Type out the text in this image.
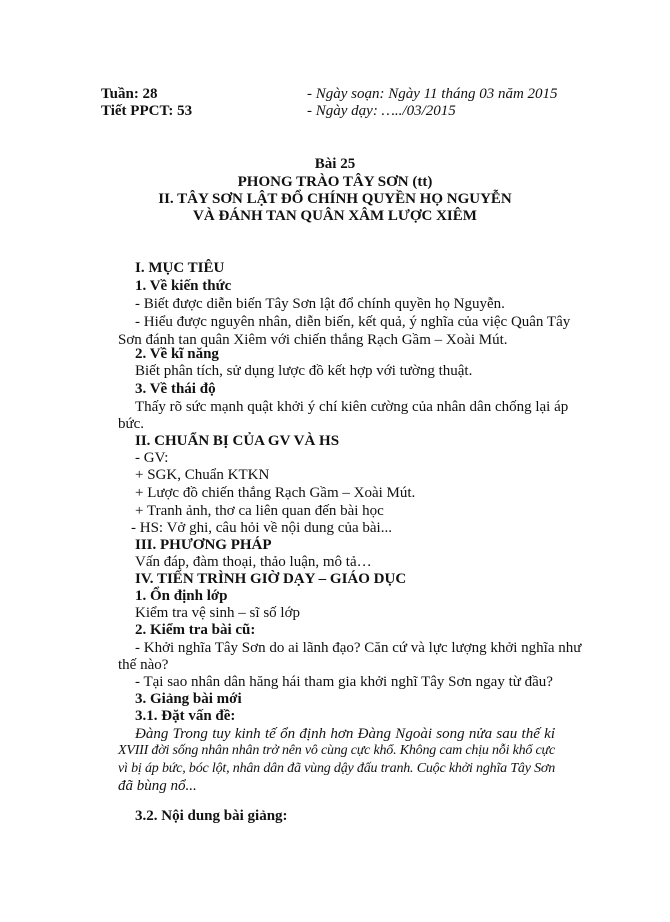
Tuần: 28
Tiết PPCT: 53
- Ngày soạn: Ngày 11 tháng 03 năm 2015
- Ngày dạy: …../03/2015
Bài 25
PHONG TRÀO TÂY SƠN (tt)
II. TÂY SƠN LẬT ĐỔ CHÍNH QUYỀN HỌ NGUYỄN
VÀ ĐÁNH TAN QUÂN XÂM LƯỢC XIÊM
I. MỤC TIÊU
1. Về kiến thức
- Biết được diễn biến Tây Sơn lật đổ chính quyền họ Nguyễn.
- Hiểu được nguyên nhân, diễn biến, kết quả, ý nghĩa của việc Quân Tây
Sơn đánh tan quân Xiêm với chiến thắng Rạch Gầm – Xoài Mút.
2. Về kĩ năng
Biết phân tích, sử dụng lược đồ kết hợp với tường thuật.
3. Về thái độ
Thấy rõ sức mạnh quật khởi ý chí kiên cường của nhân dân chống lại áp
bức.
II. CHUẨN BỊ CỦA GV VÀ HS
- GV:
+ SGK, Chuẩn KTKN
+ Lược đồ chiến thắng Rạch Gầm – Xoài Mút.
+ Tranh ảnh, thơ ca liên quan đến bài học
- HS: Vở ghi, câu hỏi về nội dung của bài...
III. PHƯƠNG PHÁP
Vấn đáp, đàm thoại, thảo luận, mô tả…
IV. TIẾN TRÌNH GIỜ DẠY – GIÁO DỤC
1. Ổn định lớp
Kiểm tra vệ sinh – sĩ số lớp
2. Kiểm tra bài cũ:
- Khởi nghĩa Tây Sơn do ai lãnh đạo? Căn cứ và lực lượng khởi nghĩa như
thế nào?
- Tại sao nhân dân hăng hái tham gia khởi nghĩ Tây Sơn ngay từ đầu?
3. Giảng bài mới
3.1. Đặt vấn đề:
Đàng Trong tuy kinh tế ổn định hơn Đàng Ngoài song nửa sau thế kỉ
XVIII đời sống nhân nhân trở nên vô cùng cực khổ. Không cam chịu nỗi khổ cực
vì bị áp bức, bóc lột, nhân dân đã vùng dậy đấu tranh. Cuộc khởi nghĩa Tây Sơn
đã bùng nổ...
3.2. Nội dung bài giảng:
